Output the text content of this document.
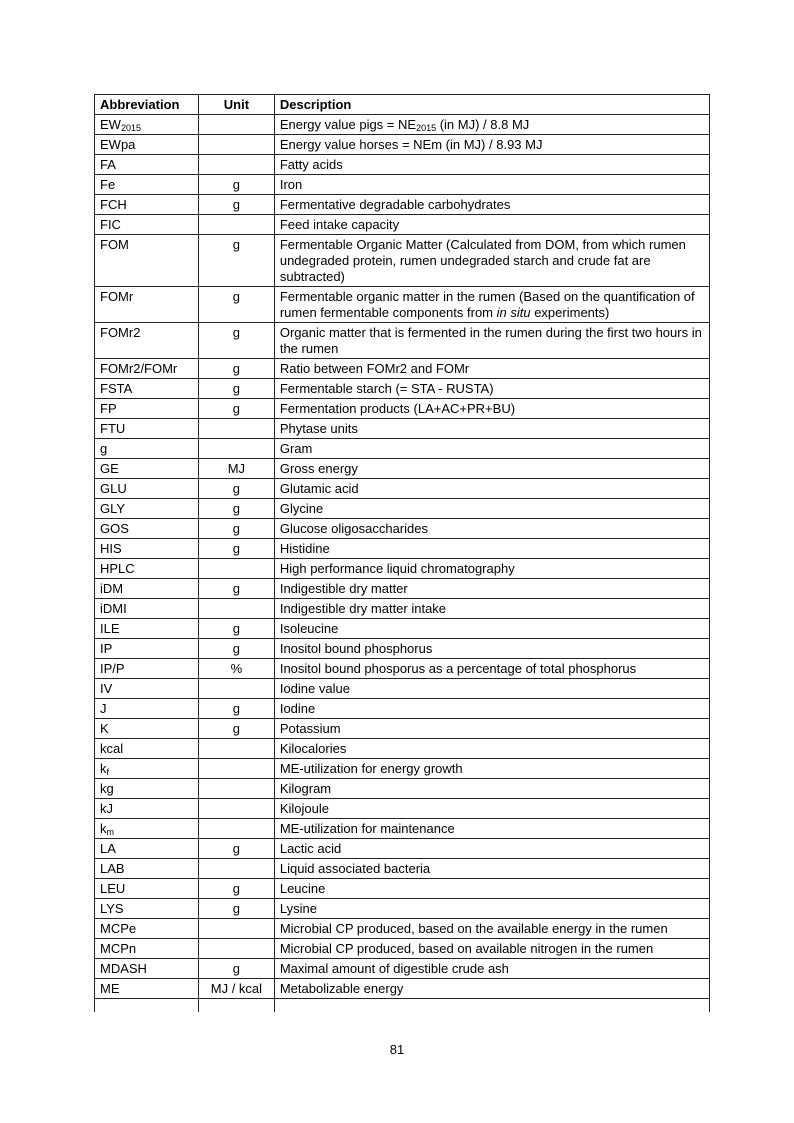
Abbreviation	Unit	Description
$EW_{2015}$		Energy value pigs = $NE_{2015}$ (in MJ) / 8.8 MJ
EWpa		Energy value horses = NEm (in MJ) / 8.93 MJ
FA		Fatty acids
Fe	g	Iron
FCH	g	Fermentative degradable carbohydrates
FIC		Feed intake capacity
FOM	g	Fermentable Organic Matter (Calculated from DOM, from which rumen undegraded protein, rumen undegraded starch and crude fat are subtracted)
FOMr	g	Fermentable organic matter in the rumen (Based on the quantification of rumen fermentable components from in situ experiments)
FOMr2	g	Organic matter that is fermented in the rumen during the first two hours in the rumen
FOMr2/FOMr	g	Ratio between FOMr2 and FOMr
FSTA	g	Fermentable starch (= STA - RUSTA)
FP	g	Fermentation products (LA+AC+PR+BU)
FTU		Phytase units
g		Gram
GE	MJ	Gross energy
GLU	g	Glutamic acid
GLY	g	Glycine
GOS	g	Glucose oligosaccharides
HIS	g	Histidine
HPLC		High performance liquid chromatography
iDM	g	Indigestible dry matter
iDMI		Indigestible dry matter intake
ILE	g	Isoleucine
IP	g	Inositol bound phosphorus
IP/P	%	Inositol bound phosporus as a percentage of total phosphorus
IV		Iodine value
J	g	Iodine
K	g	Potassium
kcal		Kilocalories
$k_f$		ME-utilization for energy growth
kg		Kilogram
kJ		Kilojoule
$k_m$		ME-utilization for maintenance
LA	g	Lactic acid
LAB		Liquid associated bacteria
LEU	g	Leucine
LYS	g	Lysine
MCPe		Microbial CP produced, based on the available energy in the rumen
MCPn		Microbial CP produced, based on available nitrogen in the rumen
MDASH	g	Maximal amount of digestible crude ash
ME	MJ / kcal	Metabolizable energy

81
